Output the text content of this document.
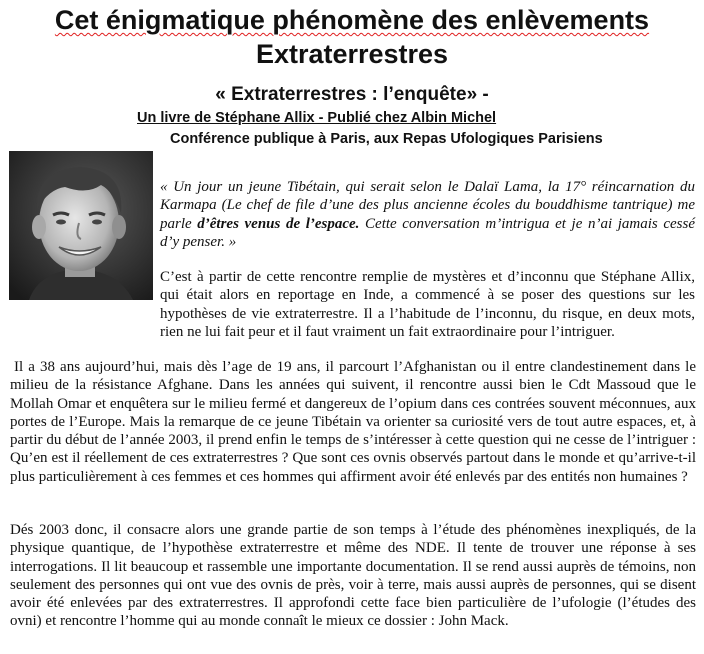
Cet énigmatique phénomène des enlèvements
Extraterrestres
« Extraterrestres : l’enquête» -
Un livre de Stéphane Allix - Publié chez Albin Michel
Conférence publique à Paris, aux Repas Ufologiques Parisiens

« Un jour un jeune Tibétain, qui serait selon le Dalaï Lama, la 17° réincarnation du Karmapa (Le chef de file d’une des plus ancienne écoles du bouddhisme tantrique) me parle d’êtres venus de l’espace. Cette conversation m’intrigua et je n’ai jamais cessé d’y penser. »

C’est à partir de cette rencontre remplie de mystères et d’inconnu que Stéphane Allix, qui était alors en reportage en Inde, a commencé à se poser des questions sur les hypothèses de vie extraterrestre. Il a l’habitude de l’inconnu, du risque, en deux mots, rien ne lui fait peur et il faut vraiment un fait extraordinaire pour l’intriguer.

Il a 38 ans aujourd’hui, mais dès l’age de 19 ans, il parcourt l’Afghanistan ou il entre clandestinement dans le milieu de la résistance Afghane. Dans les années qui suivent, il rencontre aussi bien le Cdt Massoud que le Mollah Omar et enquêtera sur le milieu fermé et dangereux de l’opium dans ces contrées souvent méconnues, aux portes de l’Europe. Mais la remarque de ce jeune Tibétain va orienter sa curiosité vers de tout autre espaces, et, à partir du début de l’année 2003, il prend enfin le temps de s’intéresser à cette question qui ne cesse de l’intriguer : Qu’en est il réellement de ces extraterrestres ? Que sont ces ovnis observés partout dans le monde et qu’arrive-t-il plus particulièrement à ces femmes et ces hommes qui affirment avoir été enlevés par des entités non humaines ?

Dés 2003 donc, il consacre alors une grande partie de son temps à l’étude des phénomènes inexpliqués, de la physique quantique, de l’hypothèse extraterrestre et même des NDE. Il tente de trouver une réponse à ses interrogations. Il lit beaucoup et rassemble une importante documentation. Il se rend aussi auprès de témoins, non seulement des personnes qui ont vue des ovnis de près, voir à terre, mais aussi auprès de personnes, qui se disent avoir été enlevées par des extraterrestres. Il approfondi cette face bien particulière de l’ufologie (l’études des ovni) et rencontre l’homme qui au monde connaît le mieux ce dossier : John Mack.
